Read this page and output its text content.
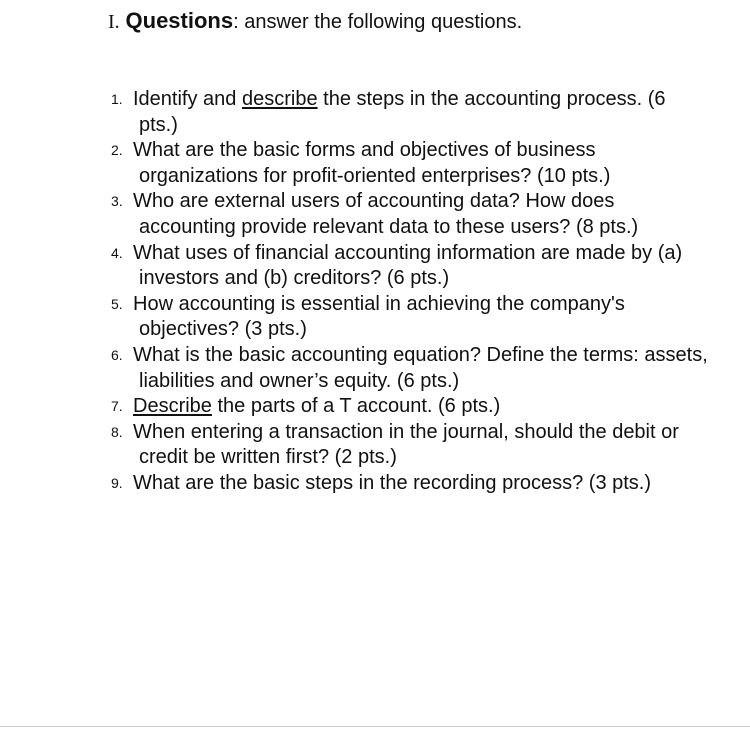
I. Questions: answer the following questions.
1. Identify and describe the steps in the accounting process. (6 pts.)
2. What are the basic forms and objectives of business organizations for profit-oriented enterprises? (10 pts.)
3. Who are external users of accounting data? How does accounting provide relevant data to these users? (8 pts.)
4. What uses of financial accounting information are made by (a) investors and (b) creditors? (6 pts.)
5. How accounting is essential in achieving the company's objectives? (3 pts.)
6. What is the basic accounting equation? Define the terms: assets, liabilities and owner’s equity. (6 pts.)
7. Describe the parts of a T account. (6 pts.)
8. When entering a transaction in the journal, should the debit or credit be written first? (2 pts.)
9. What are the basic steps in the recording process? (3 pts.)
